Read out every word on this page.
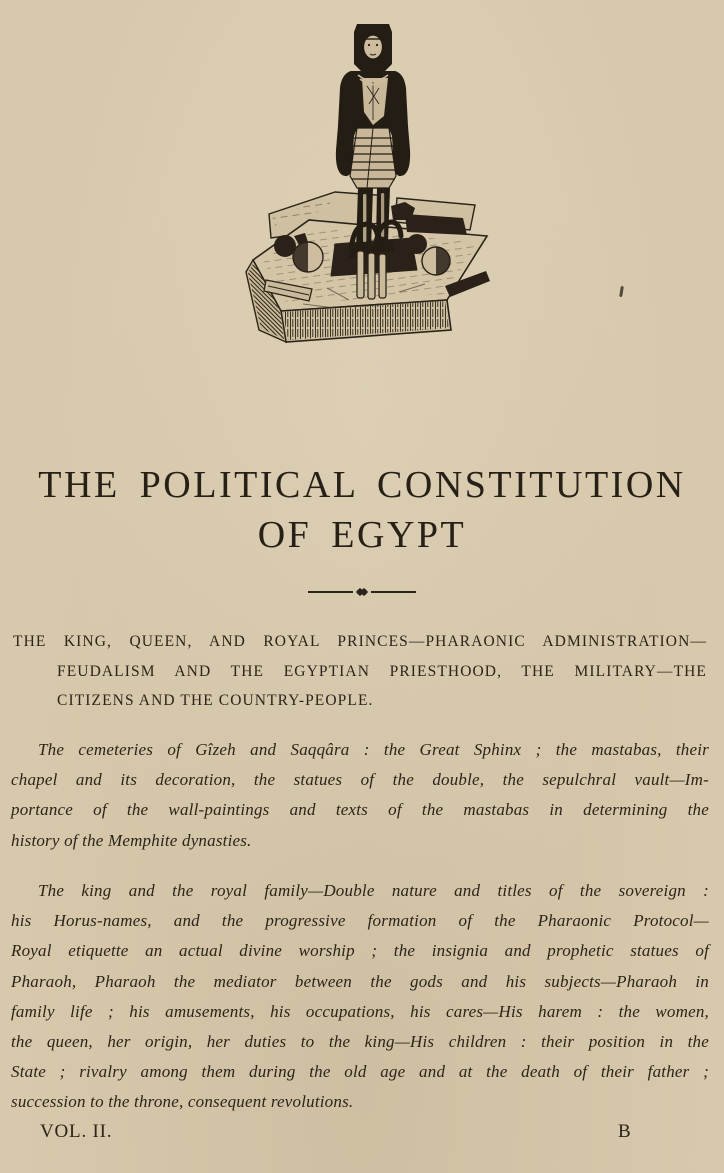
THE POLITICAL CONSTITUTION
OF EGYPT
THE KING, QUEEN, AND ROYAL PRINCES—PHARAONIC ADMINISTRATION—
FEUDALISM AND THE EGYPTIAN PRIESTHOOD, THE MILITARY—THE
CITIZENS AND THE COUNTRY-PEOPLE.
The cemeteries of Gîzeh and Saqqâra : the Great Sphinx ; the mastabas, their
chapel and its decoration, the statues of the double, the sepulchral vault—Im-
portance of the wall-paintings and texts of the mastabas in determining the
history of the Memphite dynasties.
The king and the royal family—Double nature and titles of the sovereign :
his Horus-names, and the progressive formation of the Pharaonic Protocol—
Royal etiquette an actual divine worship ; the insignia and prophetic statues of
Pharaoh, Pharaoh the mediator between the gods and his subjects—Pharaoh in
family life ; his amusements, his occupations, his cares—His harem : the women,
the queen, her origin, her duties to the king—His children : their position in the
State ; rivalry among them during the old age and at the death of their father ;
succession to the throne, consequent revolutions.
VOL. II.	B
